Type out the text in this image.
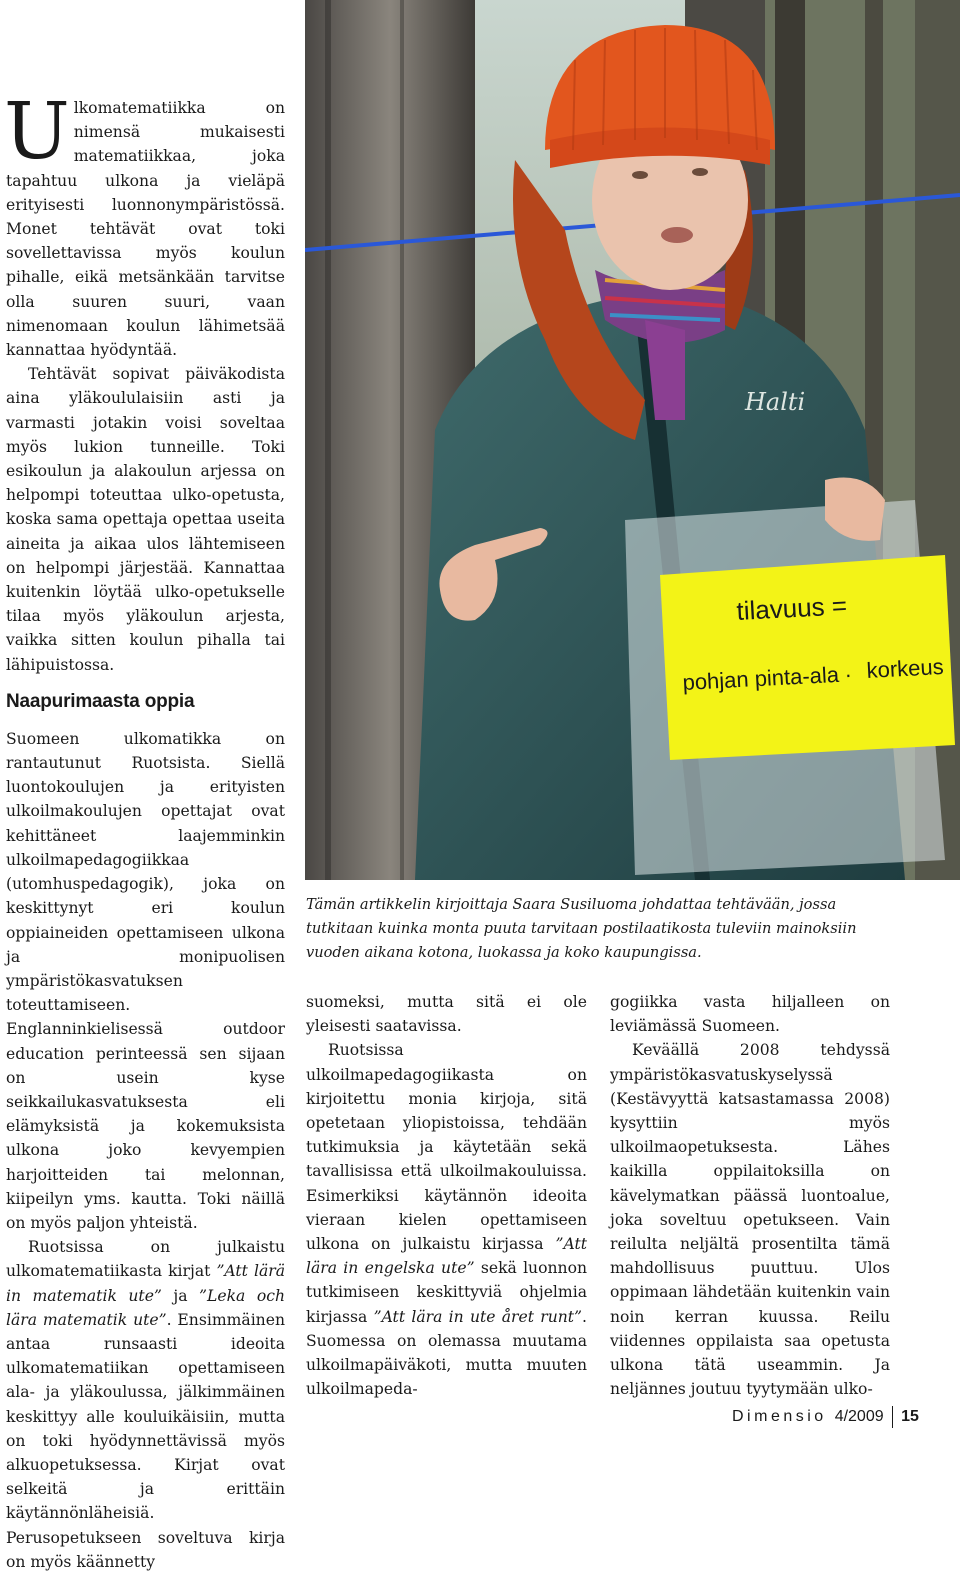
Halti
tilavuus =
pohjan pinta-ala · korkeus

Ulkomatematiikka on nimensä mukaisesti matematiikkaa, joka tapahtuu ulkona ja vieläpä erityisesti luonnonympäristössä. Monet tehtävät ovat toki sovellettavissa myös koulun pihalle, eikä metsänkään tarvitse olla suuren suuri, vaan nimenomaan koulun lähimetsää kannattaa hyödyntää.

Tehtävät sopivat päiväkodista aina yläkoululaisiin asti ja varmasti jotakin voisi soveltaa myös lukion tunneille. Toki esikoulun ja alakoulun arjessa on helpompi toteuttaa ulko-opetusta, koska sama opettaja opettaa useita aineita ja aikaa ulos lähtemiseen on helpompi järjestää. Kannattaa kuitenkin löytää ulko-opetukselle tilaa myös yläkoulun arjesta, vaikka sitten koulun pihalla tai lähipuistossa.

Naapurimaasta oppia

Suomeen ulkomatikka on rantautunut Ruotsista. Siellä luontokoulujen ja erityisten ulkoilmakoulujen opettajat ovat kehittäneet laajemminkin ulkoilmapedagogiikkaa (utomhuspedagogik), joka on keskittynyt eri koulun oppiaineiden opettamiseen ulkona ja monipuolisen ympäristökasvatuksen toteuttamiseen. Englanninkielisessä outdoor education perinteessä sen sijaan on usein kyse seikkailukasvatuksesta eli elämyksistä ja kokemuksista ulkona joko kevyempien harjoitteiden tai melonnan, kiipeilyn yms. kautta. Toki näillä on myös paljon yhteistä.

Ruotsissa on julkaistu ulkomatematiikasta kirjat ”Att lärä in matematik ute” ja ”Leka och lära matematik ute”. Ensimmäinen antaa runsaasti ideoita ulkomatematiikan opettamiseen ala- ja yläkoulussa, jälkimmäinen keskittyy alle kouluikäisiin, mutta on toki hyödynnettävissä myös alkuopetuksessa. Kirjat ovat selkeitä ja erittäin käytännönläheisiä. Perusopetukseen soveltuva kirja on myös käännetty

Tämän artikkelin kirjoittaja Saara Susiluoma johdattaa tehtävään, jossa tutkitaan kuinka monta puuta tarvitaan postilaatikosta tuleviin mainoksiin vuoden aikana kotona, luokassa ja koko kaupungissa.

suomeksi, mutta sitä ei ole yleisesti saatavissa.

Ruotsissa ulkoilmapedagogiikasta on kirjoitettu monia kirjoja, sitä opetetaan yliopistoissa, tehdään tutkimuksia ja käytetään sekä tavallisissa että ulkoilmakouluissa. Esimerkiksi käytännön ideoita vieraan kielen opettamiseen ulkona on julkaistu kirjassa ”Att lära in engelska ute” sekä luonnon tutkimiseen keskittyviä ohjelmia kirjassa ”Att lära in ute året runt”. Suomessa on olemassa muutama ulkoilmapäiväkoti, mutta muuten ulkoilmapeda-

gogiikka vasta hiljalleen on leviämässä Suomeen.

Keväällä 2008 tehdyssä ympäristökasvatuskyselyssä (Kestävyyttä katsastamassa 2008) kysyttiin myös ulkoilmaopetuksesta. Lähes kaikilla oppilaitoksilla on kävelymatkan päässä luontoalue, joka soveltuu opetukseen. Vain reilulta neljältä prosentilta tämä mahdollisuus puuttuu. Ulos oppimaan lähdetään kuitenkin vain noin kerran kuussa. Reilu viidennes oppilaista saa opetusta ulkona tätä useammin. Ja neljännes joutuu tyytymään ulko-

Dimensio 4/2009 15
